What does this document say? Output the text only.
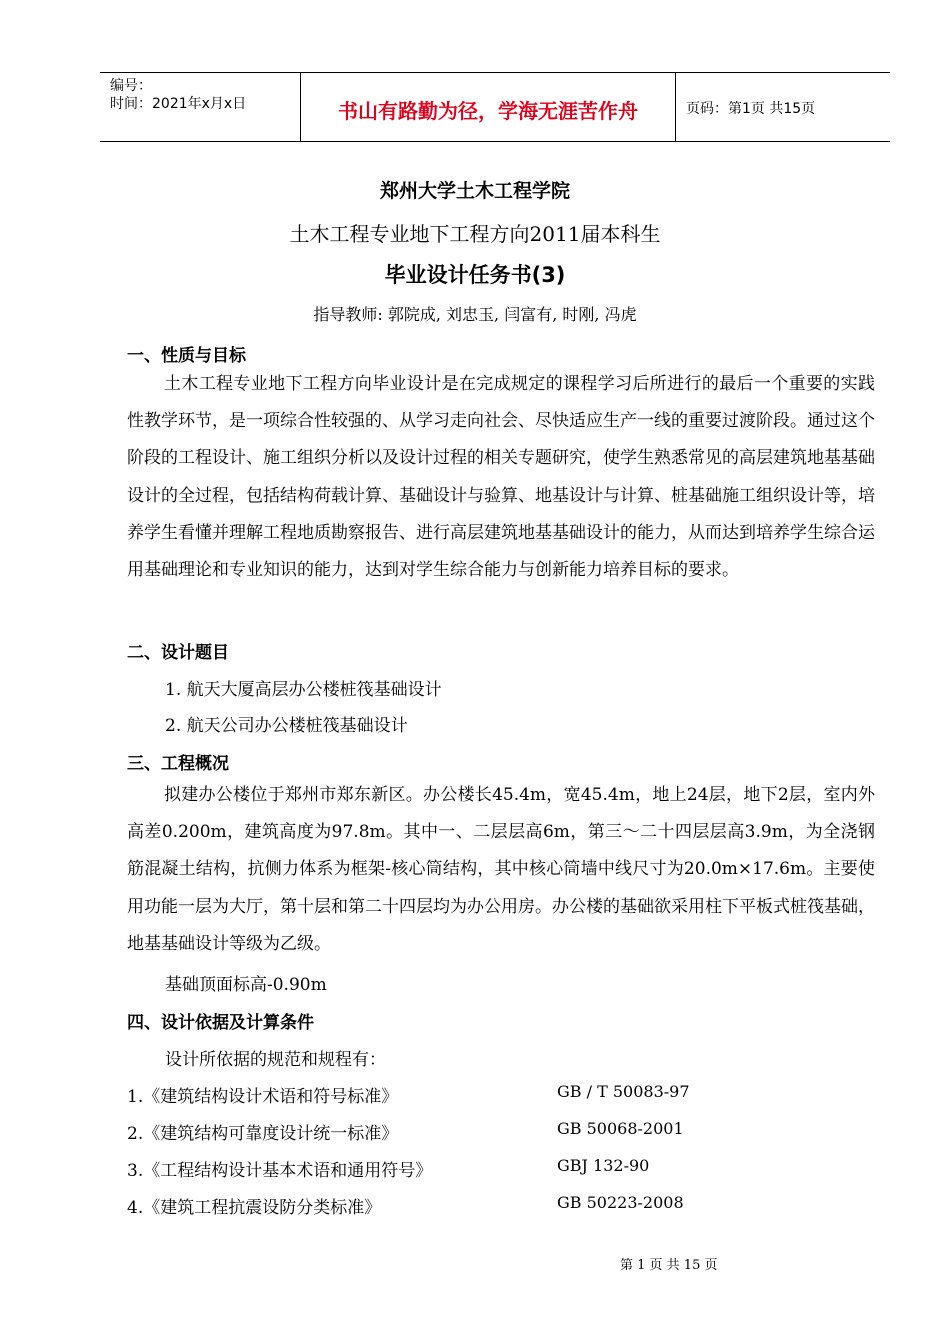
编号：
时间：2021年x月x日	书山有路勤为径，学海无涯苦作舟	页码：第1页 共15页
郑州大学土木工程学院
土木工程专业地下工程方向2011届本科生
毕业设计任务书(3)
指导教师: 郭院成, 刘忠玉, 闫富有, 时刚, 冯虎
一、性质与目标

土木工程专业地下工程方向毕业设计是在完成规定的课程学习后所进行的最后一个重要的实践性教学环节，是一项综合性较强的、从学习走向社会、尽快适应生产一线的重要过渡阶段。通过这个阶段的工程设计、施工组织分析以及设计过程的相关专题研究，使学生熟悉常见的高层建筑地基基础设计的全过程，包括结构荷载计算、基础设计与验算、地基设计与计算、桩基础施工组织设计等，培养学生看懂并理解工程地质勘察报告、进行高层建筑地基基础设计的能力，从而达到培养学生综合运用基础理论和专业知识的能力，达到对学生综合能力与创新能力培养目标的要求。

二、设计题目
1. 航天大厦高层办公楼桩筏基础设计
2. 航天公司办公楼桩筏基础设计
三、工程概况

拟建办公楼位于郑州市郑东新区。办公楼长45.4m，宽45.4m，地上24层，地下2层，室内外高差0.200m，建筑高度为97.8m。其中一、二层层高6m，第三～二十四层层高3.9m，为全浇钢筋混凝土结构，抗侧力体系为框架-核心筒结构，其中核心筒墙中线尺寸为20.0m×17.6m。主要使用功能一层为大厅，第十层和第二十四层均为办公用房。办公楼的基础欲采用柱下平板式桩筏基础，地基基础设计等级为乙级。

基础顶面标高-0.90m
四、设计依据及计算条件
设计所依据的规范和规程有：
1.《建筑结构设计术语和符号标准》	GB / T 50083-97
2.《建筑结构可靠度设计统一标准》	GB 50068-2001
3.《工程结构设计基本术语和通用符号》	GBJ 132-90
4.《建筑工程抗震设防分类标准》	GB 50223-2008
第 1 页 共 15 页
